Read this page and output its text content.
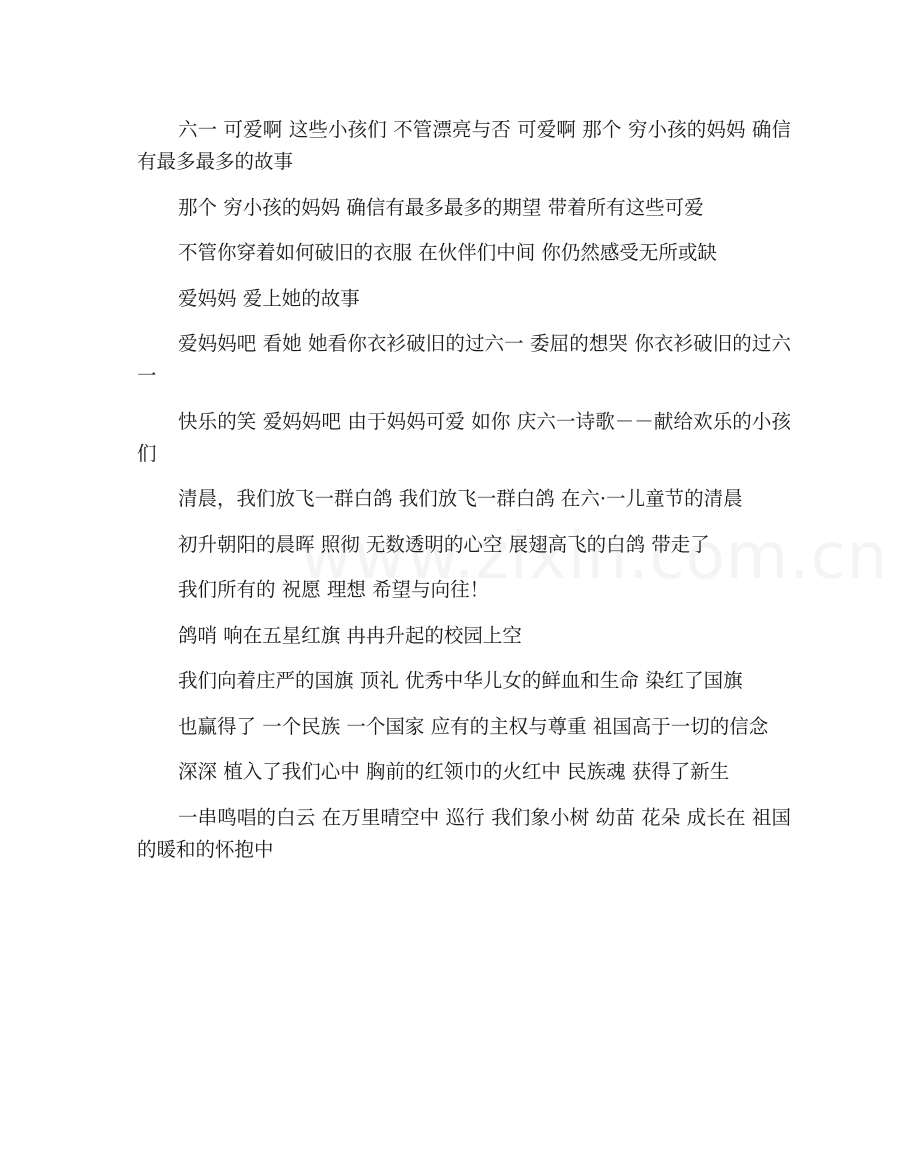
六一 可爱啊 这些小孩们 不管漂亮与否 可爱啊 那个 穷小孩的妈妈 确信有最多最多的故事

那个 穷小孩的妈妈 确信有最多最多的期望 带着所有这些可爱

不管你穿着如何破旧的衣服 在伙伴们中间 你仍然感受无所或缺

爱妈妈 爱上她的故事

爱妈妈吧 看她 她看你衣衫破旧的过六一 委屈的想哭 你衣衫破旧的过六一

快乐的笑 爱妈妈吧 由于妈妈可爱 如你 庆六一诗歌－－献给欢乐的小孩们

清晨，我们放飞一群白鸽 我们放飞一群白鸽 在六·一儿童节的清晨

初升朝阳的晨晖 照彻 无数透明的心空 展翅高飞的白鸽 带走了

我们所有的 祝愿 理想 希望与向往！

鸽哨 响在五星红旗 冉冉升起的校园上空

我们向着庄严的国旗 顶礼 优秀中华儿女的鲜血和生命 染红了国旗

也赢得了 一个民族 一个国家 应有的主权与尊重 祖国高于一切的信念

深深 植入了我们心中 胸前的红领巾的火红中 民族魂 获得了新生

一串鸣唱的白云 在万里晴空中 巡行 我们象小树 幼苗 花朵 成长在 祖国的暖和的怀抱中
